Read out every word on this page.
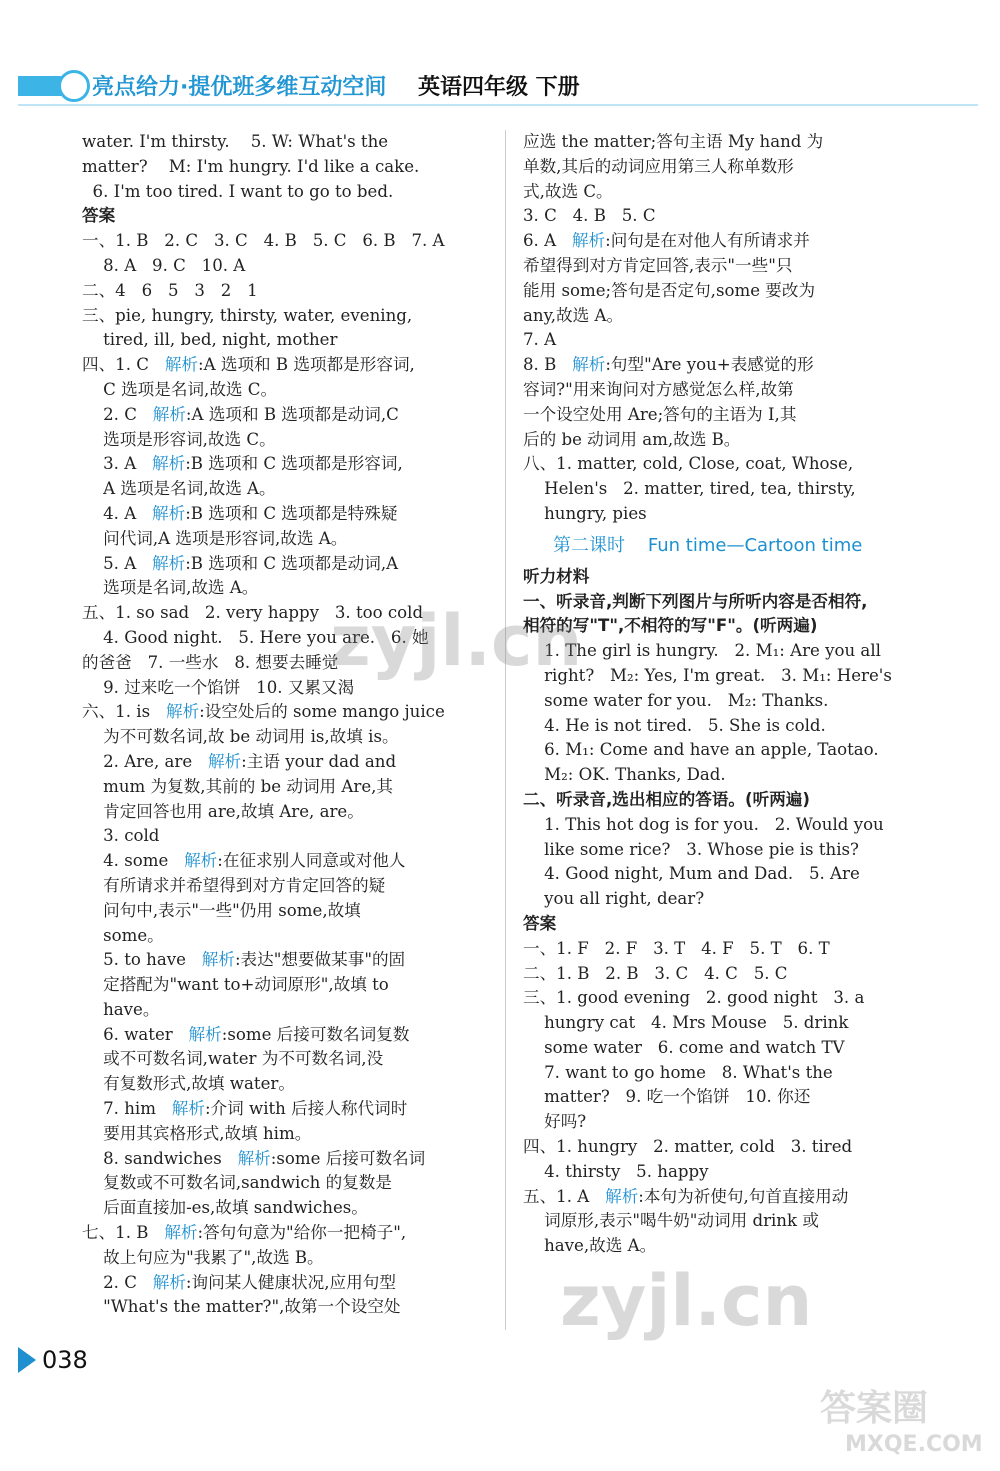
亮点给力·提优班多维互动空间 英语四年级 下册
water. I'm thirsty.    5. W: What's the
matter?    M: I'm hungry. I'd like a cake.
6. I'm too tired. I want to go to bed.
答案
一、1. B   2. C   3. C   4. B   5. C   6. B   7. A
8. A   9. C   10. A
二、4   6   5   3   2   1
三、pie, hungry, thirsty, water, evening,
tired, ill, bed, night, mother
四、1. C   解析:A 选项和 B 选项都是形容词,
C 选项是名词,故选 C。
2. C   解析:A 选项和 B 选项都是动词,C
选项是形容词,故选 C。
3. A   解析:B 选项和 C 选项都是形容词,
A 选项是名词,故选 A。
4. A   解析:B 选项和 C 选项都是特殊疑
问代词,A 选项是形容词,故选 A。
5. A   解析:B 选项和 C 选项都是动词,A
选项是名词,故选 A。
五、1. so sad   2. very happy   3. too cold
4. Good night.   5. Here you are.   6. 她
的爸爸   7. 一些水   8. 想要去睡觉
9. 过来吃一个馅饼   10. 又累又渴
六、1. is   解析:设空处后的 some mango juice
为不可数名词,故 be 动词用 is,故填 is。
2. Are, are   解析:主语 your dad and
mum 为复数,其前的 be 动词用 Are,其
肯定回答也用 are,故填 Are, are。
3. cold
4. some   解析:在征求别人同意或对他人
有所请求并希望得到对方肯定回答的疑
问句中,表示"一些"仍用 some,故填
some。
5. to have   解析:表达"想要做某事"的固
定搭配为"want to+动词原形",故填 to
have。
6. water   解析:some 后接可数名词复数
或不可数名词,water 为不可数名词,没
有复数形式,故填 water。
7. him   解析:介词 with 后接人称代词时
要用其宾格形式,故填 him。
8. sandwiches   解析:some 后接可数名词
复数或不可数名词,sandwich 的复数是
后面直接加-es,故填 sandwiches。
七、1. B   解析:答句句意为"给你一把椅子",
故上句应为"我累了",故选 B。
2. C   解析:询问某人健康状况,应用句型
"What's the matter?",故第一个设空处
应选 the matter;答句主语 My hand 为
单数,其后的动词应用第三人称单数形
式,故选 C。
3. C   4. B   5. C
6. A   解析:问句是在对他人有所请求并
希望得到对方肯定回答,表示"一些"只
能用 some;答句是否定句,some 要改为
any,故选 A。
7. A
8. B   解析:句型"Are you+表感觉的形
容词?"用来询问对方感觉怎么样,故第
一个设空处用 Are;答句的主语为 I,其
后的 be 动词用 am,故选 B。
八、1. matter, cold, Close, coat, Whose,
Helen's   2. matter, tired, tea, thirsty,
hungry, pies
第二课时    Fun time—Cartoon time
听力材料
一、听录音,判断下列图片与所听内容是否相符,
相符的写"T",不相符的写"F"。(听两遍)
1. The girl is hungry.   2. M₁: Are you all
right?   M₂: Yes, I'm great.   3. M₁: Here's
some water for you.   M₂: Thanks.
4. He is not tired.   5. She is cold.
6. M₁: Come and have an apple, Taotao.
M₂: OK. Thanks, Dad.
二、听录音,选出相应的答语。(听两遍)
1. This hot dog is for you.   2. Would you
like some rice?   3. Whose pie is this?
4. Good night, Mum and Dad.   5. Are
you all right, dear?
答案
一、1. F   2. F   3. T   4. F   5. T   6. T
二、1. B   2. B   3. C   4. C   5. C
三、1. good evening   2. good night   3. a
hungry cat   4. Mrs Mouse   5. drink
some water   6. come and watch TV
7. want to go home   8. What's the
matter?   9. 吃一个馅饼   10. 你还
好吗?
四、1. hungry   2. matter, cold   3. tired
4. thirsty   5. happy
五、1. A   解析:本句为祈使句,句首直接用动
词原形,表示"喝牛奶"动词用 drink 或
have,故选 A。
038
zyjl.cn
zyjl.cn
答案圈
MXQE.COM
